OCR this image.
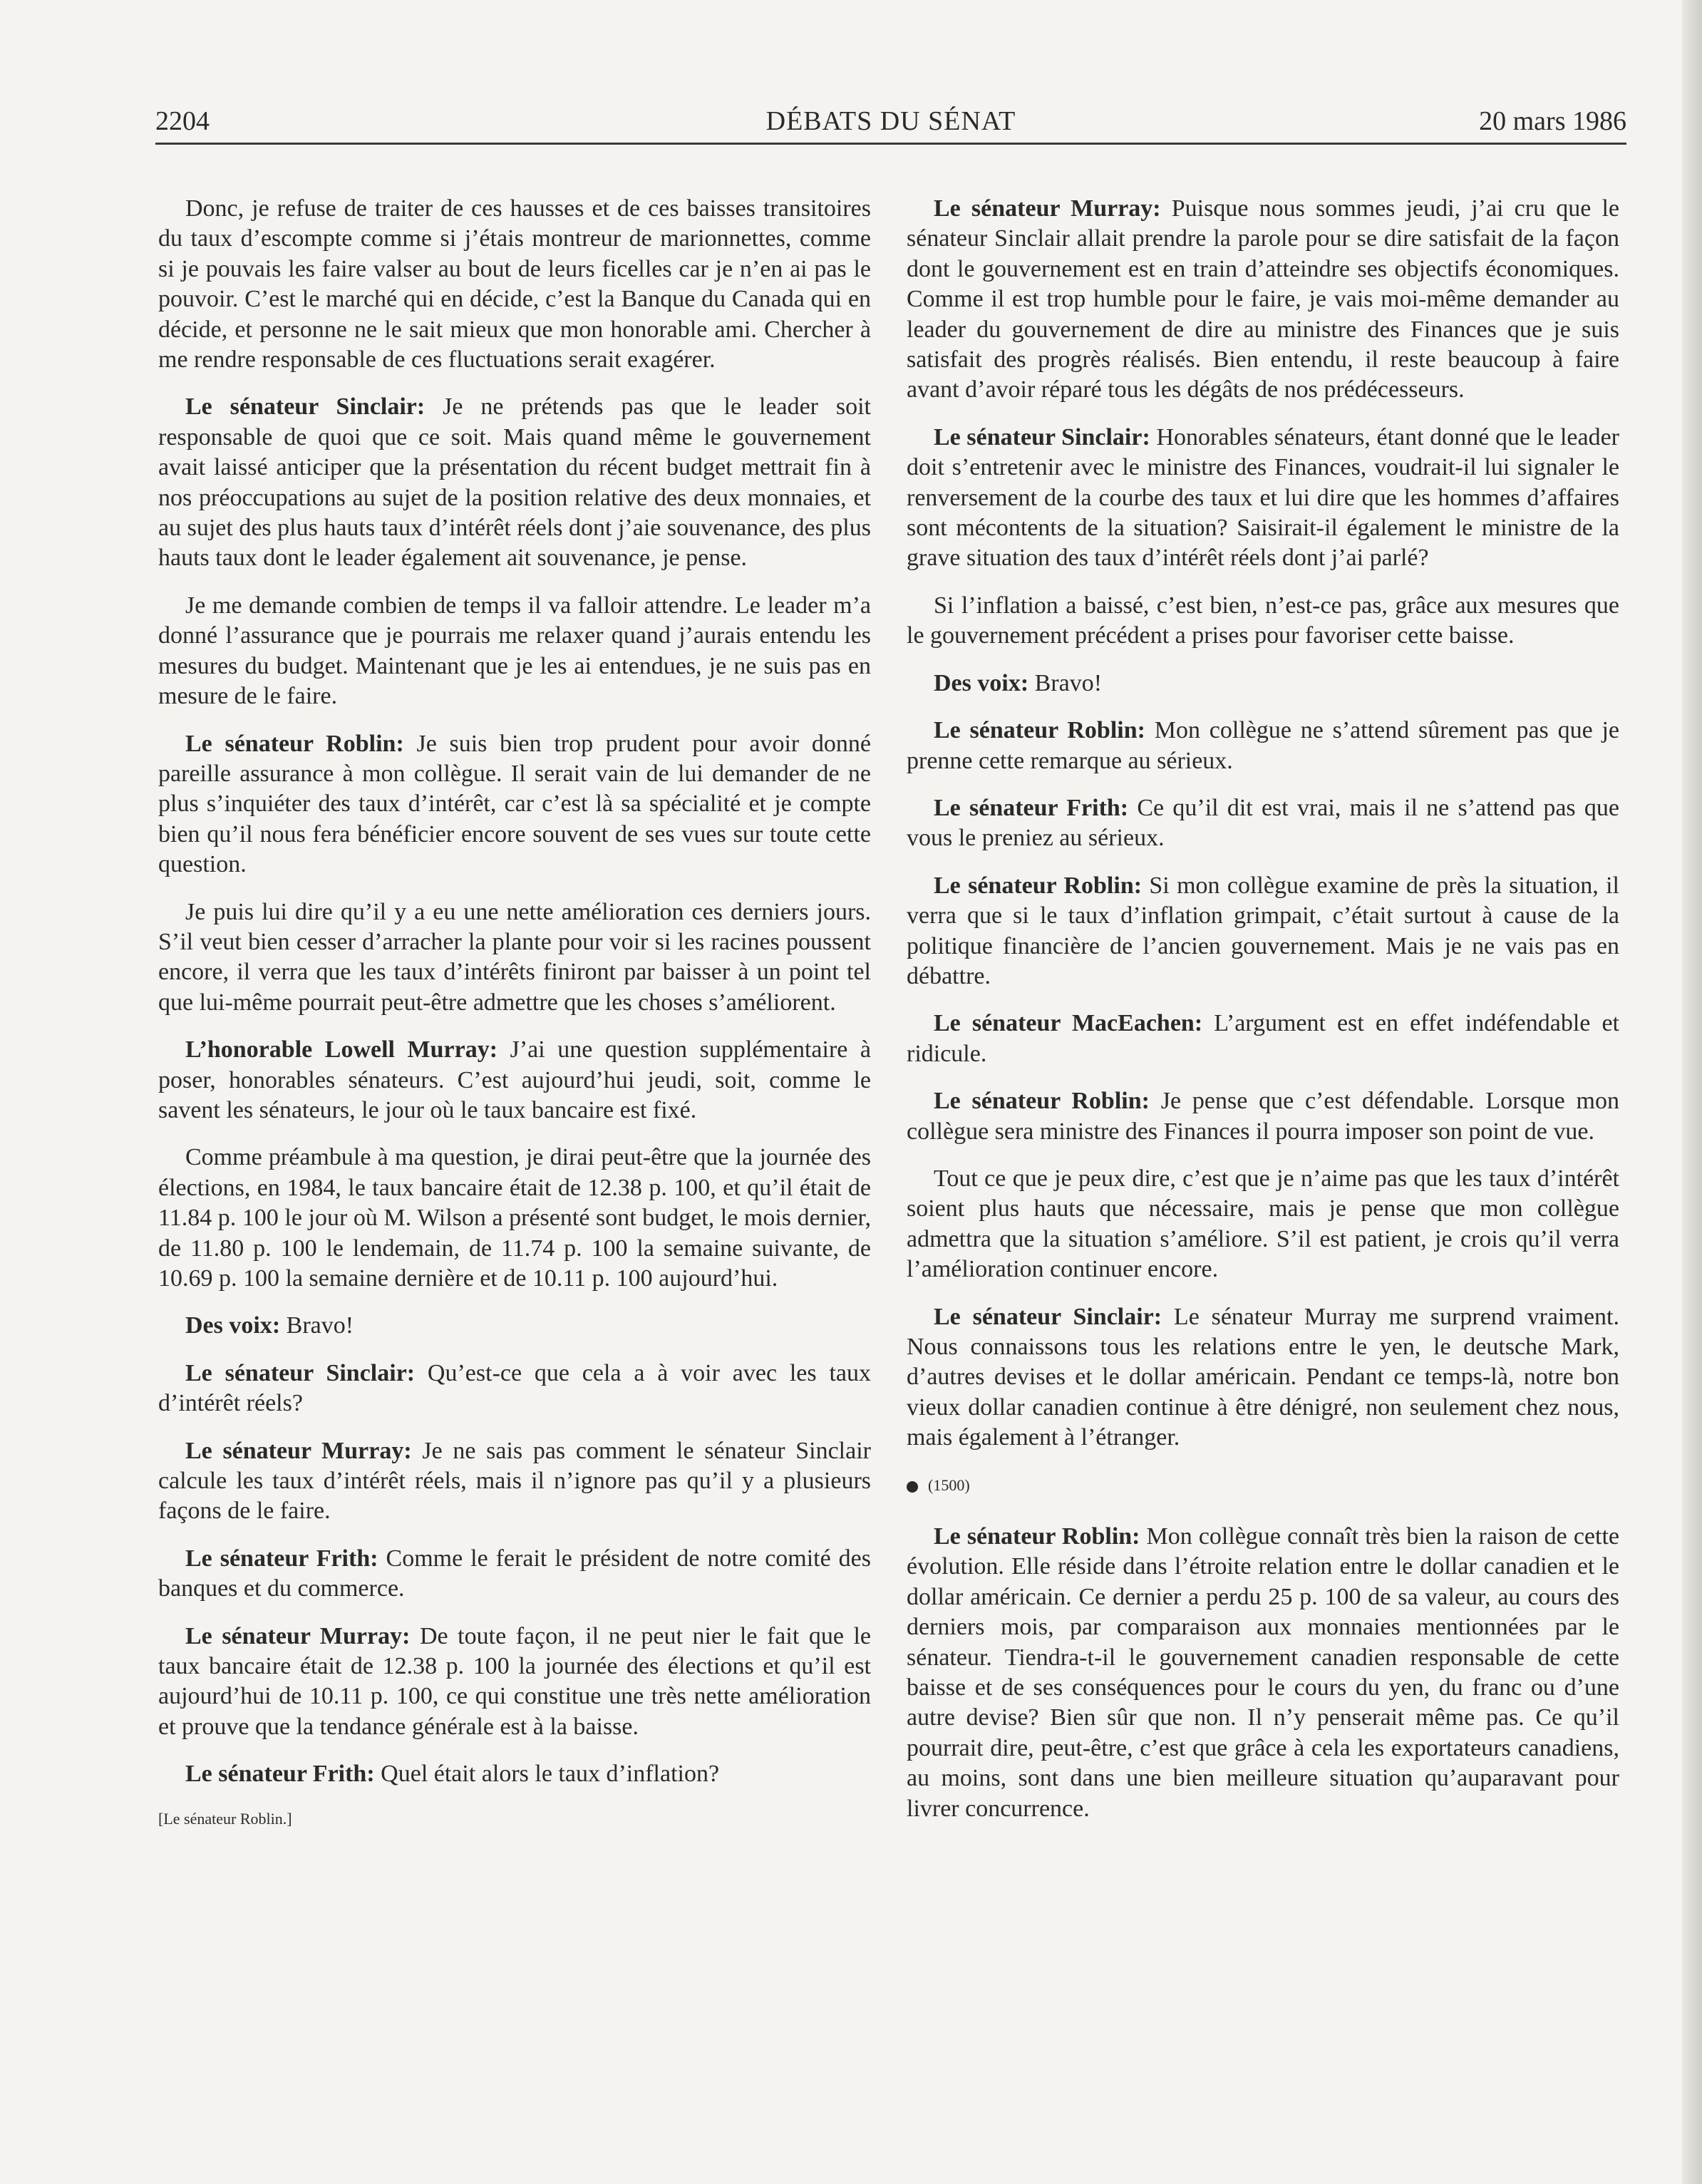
2204	DÉBATS DU SÉNAT	20 mars 1986

Donc, je refuse de traiter de ces hausses et de ces baisses transitoires du taux d’escompte comme si j’étais montreur de marionnettes, comme si je pouvais les faire valser au bout de leurs ficelles car je n’en ai pas le pouvoir. C’est le marché qui en décide, c’est la Banque du Canada qui en décide, et personne ne le sait mieux que mon honorable ami. Chercher à me rendre responsable de ces fluctuations serait exagérer.

Le sénateur Sinclair: Je ne prétends pas que le leader soit responsable de quoi que ce soit. Mais quand même le gouvernement avait laissé anticiper que la présentation du récent budget mettrait fin à nos préoccupations au sujet de la position relative des deux monnaies, et au sujet des plus hauts taux d’intérêt réels dont j’aie souvenance, des plus hauts taux dont le leader également ait souvenance, je pense.

Je me demande combien de temps il va falloir attendre. Le leader m’a donné l’assurance que je pourrais me relaxer quand j’aurais entendu les mesures du budget. Maintenant que je les ai entendues, je ne suis pas en mesure de le faire.

Le sénateur Roblin: Je suis bien trop prudent pour avoir donné pareille assurance à mon collègue. Il serait vain de lui demander de ne plus s’inquiéter des taux d’intérêt, car c’est là sa spécialité et je compte bien qu’il nous fera bénéficier encore souvent de ses vues sur toute cette question.

Je puis lui dire qu’il y a eu une nette amélioration ces derniers jours. S’il veut bien cesser d’arracher la plante pour voir si les racines poussent encore, il verra que les taux d’intérêts finiront par baisser à un point tel que lui-même pourrait peut-être admettre que les choses s’améliorent.

L’honorable Lowell Murray: J’ai une question supplémentaire à poser, honorables sénateurs. C’est aujourd’hui jeudi, soit, comme le savent les sénateurs, le jour où le taux bancaire est fixé.

Comme préambule à ma question, je dirai peut-être que la journée des élections, en 1984, le taux bancaire était de 12.38 p. 100, et qu’il était de 11.84 p. 100 le jour où M. Wilson a présenté sont budget, le mois dernier, de 11.80 p. 100 le lendemain, de 11.74 p. 100 la semaine suivante, de 10.69 p. 100 la semaine dernière et de 10.11 p. 100 aujourd’hui.

Des voix: Bravo!

Le sénateur Sinclair: Qu’est-ce que cela a à voir avec les taux d’intérêt réels?

Le sénateur Murray: Je ne sais pas comment le sénateur Sinclair calcule les taux d’intérêt réels, mais il n’ignore pas qu’il y a plusieurs façons de le faire.

Le sénateur Frith: Comme le ferait le président de notre comité des banques et du commerce.

Le sénateur Murray: De toute façon, il ne peut nier le fait que le taux bancaire était de 12.38 p. 100 la journée des élections et qu’il est aujourd’hui de 10.11 p. 100, ce qui constitue une très nette amélioration et prouve que la tendance générale est à la baisse.

Le sénateur Frith: Quel était alors le taux d’inflation?

[Le sénateur Roblin.]

Le sénateur Murray: Puisque nous sommes jeudi, j’ai cru que le sénateur Sinclair allait prendre la parole pour se dire satisfait de la façon dont le gouvernement est en train d’atteindre ses objectifs économiques. Comme il est trop humble pour le faire, je vais moi-même demander au leader du gouvernement de dire au ministre des Finances que je suis satisfait des progrès réalisés. Bien entendu, il reste beaucoup à faire avant d’avoir réparé tous les dégâts de nos prédécesseurs.

Le sénateur Sinclair: Honorables sénateurs, étant donné que le leader doit s’entretenir avec le ministre des Finances, voudrait-il lui signaler le renversement de la courbe des taux et lui dire que les hommes d’affaires sont mécontents de la situation? Saisirait-il également le ministre de la grave situation des taux d’intérêt réels dont j’ai parlé?

Si l’inflation a baissé, c’est bien, n’est-ce pas, grâce aux mesures que le gouvernement précédent a prises pour favoriser cette baisse.

Des voix: Bravo!

Le sénateur Roblin: Mon collègue ne s’attend sûrement pas que je prenne cette remarque au sérieux.

Le sénateur Frith: Ce qu’il dit est vrai, mais il ne s’attend pas que vous le preniez au sérieux.

Le sénateur Roblin: Si mon collègue examine de près la situation, il verra que si le taux d’inflation grimpait, c’était surtout à cause de la politique financière de l’ancien gouvernement. Mais je ne vais pas en débattre.

Le sénateur MacEachen: L’argument est en effet indéfendable et ridicule.

Le sénateur Roblin: Je pense que c’est défendable. Lorsque mon collègue sera ministre des Finances il pourra imposer son point de vue.

Tout ce que je peux dire, c’est que je n’aime pas que les taux d’intérêt soient plus hauts que nécessaire, mais je pense que mon collègue admettra que la situation s’améliore. S’il est patient, je crois qu’il verra l’amélioration continuer encore.

Le sénateur Sinclair: Le sénateur Murray me surprend vraiment. Nous connaissons tous les relations entre le yen, le deutsche Mark, d’autres devises et le dollar américain. Pendant ce temps-là, notre bon vieux dollar canadien continue à être dénigré, non seulement chez nous, mais également à l’étranger.

(1500)

Le sénateur Roblin: Mon collègue connaît très bien la raison de cette évolution. Elle réside dans l’étroite relation entre le dollar canadien et le dollar américain. Ce dernier a perdu 25 p. 100 de sa valeur, au cours des derniers mois, par comparaison aux monnaies mentionnées par le sénateur. Tiendra-t-il le gouvernement canadien responsable de cette baisse et de ses conséquences pour le cours du yen, du franc ou d’une autre devise? Bien sûr que non. Il n’y penserait même pas. Ce qu’il pourrait dire, peut-être, c’est que grâce à cela les exportateurs canadiens, au moins, sont dans une bien meilleure situation qu’auparavant pour livrer concurrence.
